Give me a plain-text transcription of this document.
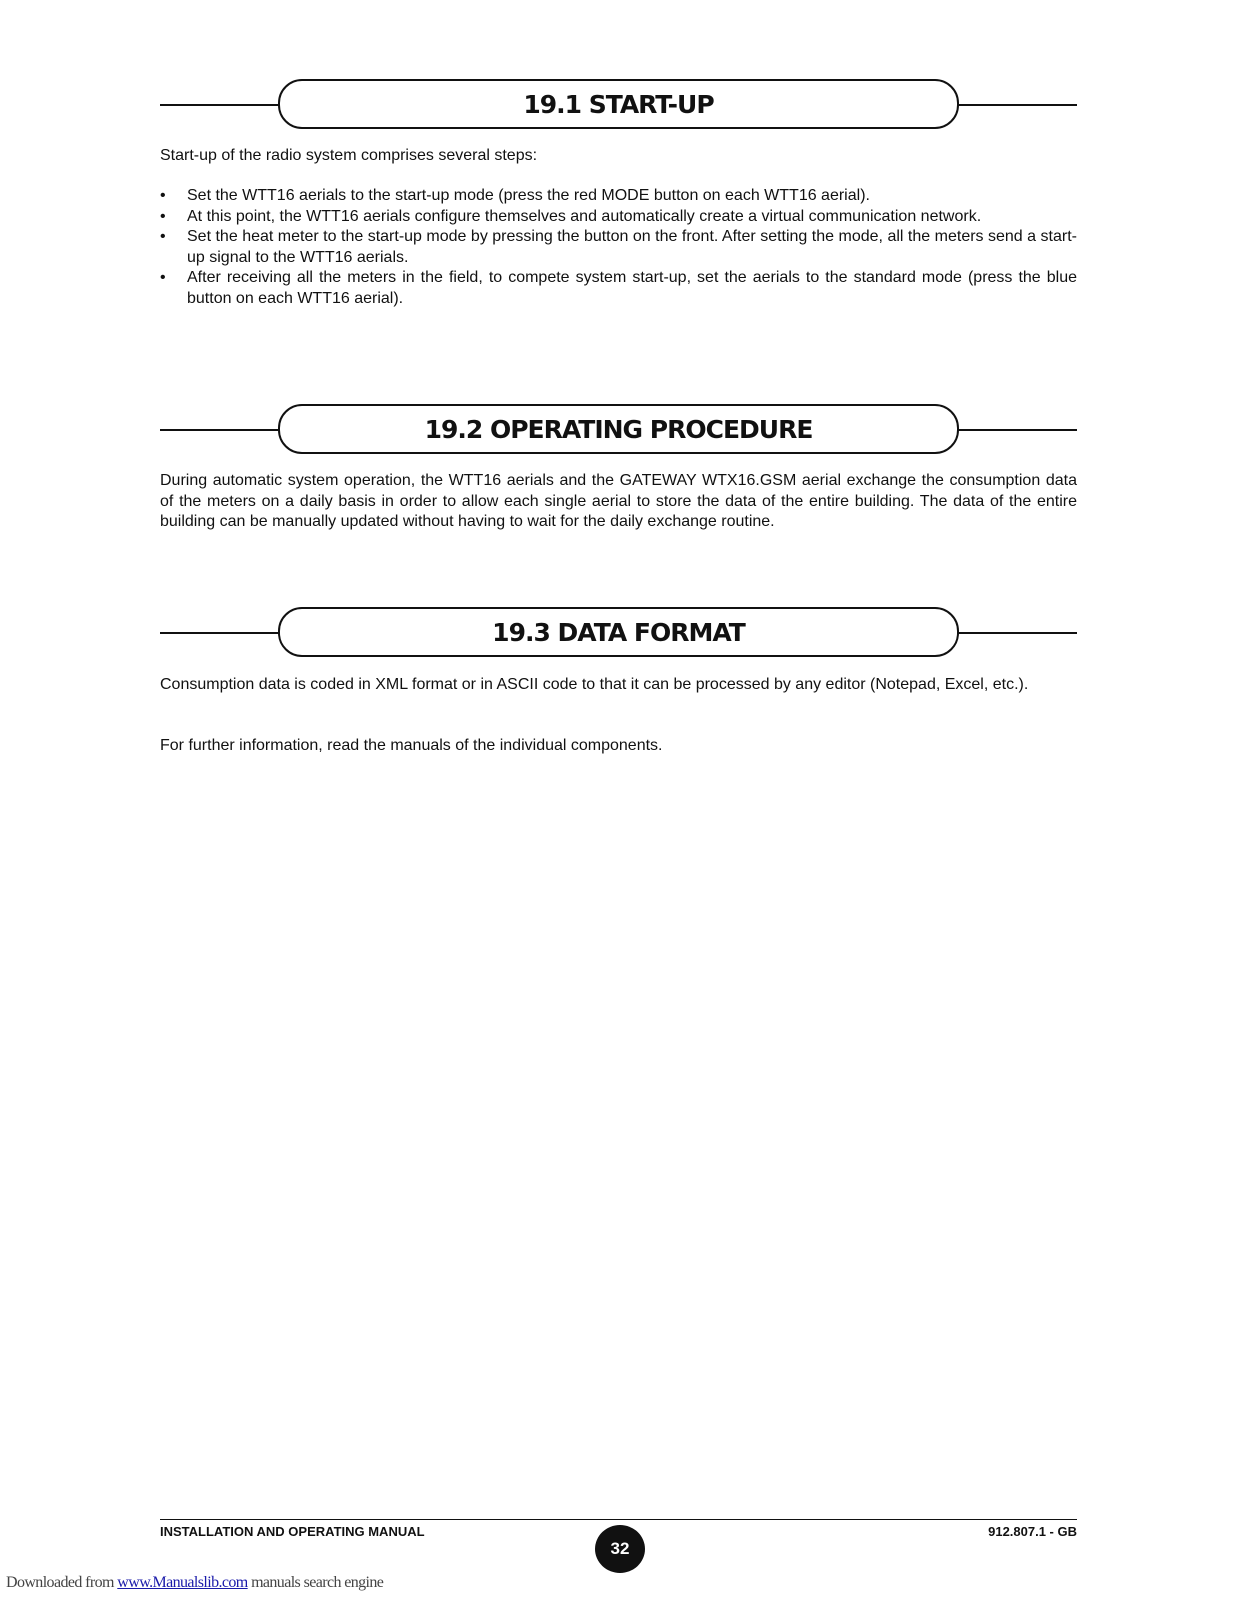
19.1 START-UP

Start-up of the radio system comprises several steps:

• Set the WTT16 aerials to the start-up mode (press the red MODE button on each WTT16 aerial).
• At this point, the WTT16 aerials configure themselves and automatically create a virtual communication network.
• Set the heat meter to the start-up mode by pressing the button on the front. After setting the mode, all the meters send a start-up signal to the WTT16 aerials.
• After receiving all the meters in the field, to compete system start-up, set the aerials to the standard mode (press the blue button on each WTT16 aerial).
19.2 OPERATING PROCEDURE

During automatic system operation, the WTT16 aerials and the GATEWAY WTX16.GSM aerial exchange the consumption data of the meters on a daily basis in order to allow each single aerial to store the data of the entire building. The data of the entire building can be manually updated without having to wait for the daily exchange routine.

19.3 DATA FORMAT

Consumption data is coded in XML format or in ASCII code to that it can be processed by any editor (Notepad, Excel, etc.).

For further information, read the manuals of the individual components.

INSTALLATION AND OPERATING MANUAL
32
912.807.1 - GB
Downloaded from www.Manualslib.com manuals search engine
